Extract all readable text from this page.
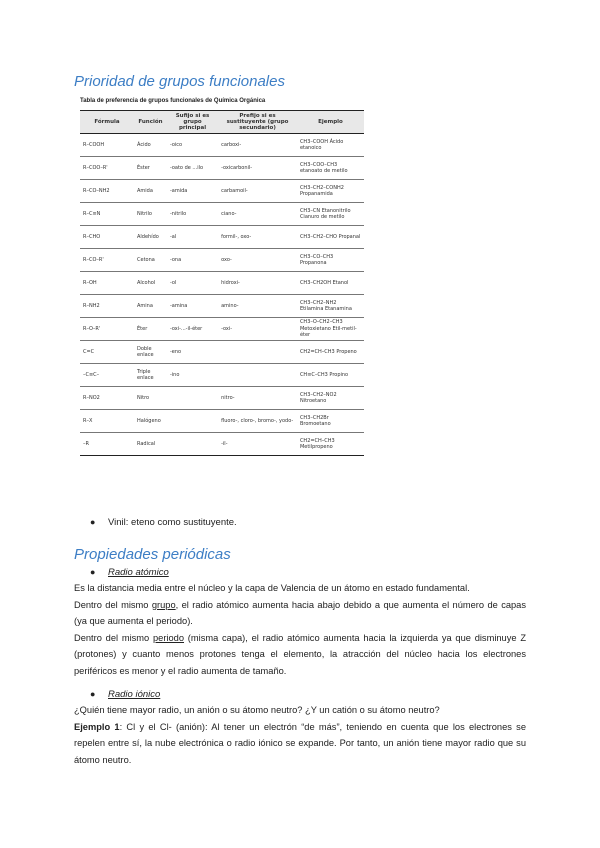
Prioridad de grupos funcionales
Tabla de preferencia de grupos funcionales de Química Orgánica
Fórmula	Función	Sufijo si es grupo principal	Prefijo si es sustituyente (grupo secundario)	Ejemplo
R–COOH	Ácido	-oico	carboxi-	CH3–COOH Ácido etanoico
R–COO–R'	Éster	-oato de ...ilo	-oxicarbonil-	CH3–COO–CH3 etanoato de metilo
R–CO–NH2	Amida	-amida	carbamoil-	CH3–CH2–CONH2 Propanamida
R–C≡N	Nitrilo	-nitrilo	ciano-	CH3–CN Etanonitrilo Cianuro de metilo
R–CHO	Aldehído	-al	formil-, oxo-	CH3–CH2–CHO Propanal
R–CO–R'	Cetona	-ona	oxo-	CH3–CO–CH3 Propanona
R–OH	Alcohol	-ol	hidroxi-	CH3–CH2OH Etanol
R–NH2	Amina	-amina	amino-	CH3–CH2–NH2 Etilamina Etanamina
R–O–R'	Éter	-oxi-...-il-éter	-oxi-	CH3–O–CH2–CH3 Metoxietano Etil-metil-éter
C=C	Doble enlace	-eno		CH2=CH–CH3 Propeno
–C≡C–	Triple enlace	-ino		CH≡C–CH3 Propino
R–NO2	Nitro		nitro-	CH3–CH2–NO2 Nitroetano
R–X	Halógeno		fluoro-, cloro-, bromo-, yodo-	CH3–CH2Br Bromoetano
–R	Radical		-il-	CH2=CH–CH3 Metilpropeno
● Vinil: eteno como sustituyente.
Propiedades periódicas
● Radio atómico

Es la distancia media entre el núcleo y la capa de Valencia de un átomo en estado fundamental.

Dentro del mismo grupo, el radio atómico aumenta hacia abajo debido a que aumenta el número de capas (ya que aumenta el periodo).

Dentro del mismo periodo (misma capa), el radio atómico aumenta hacia la izquierda ya que disminuye Z (protones) y cuanto menos protones tenga el elemento, la atracción del núcleo hacia los electrones periféricos es menor y el radio aumenta de tamaño.

● Radio iónico

¿Quién tiene mayor radio, un anión o su átomo neutro? ¿Y un catión o su átomo neutro?

Ejemplo 1: Cl y el Cl- (anión): Al tener un electrón “de más”, teniendo en cuenta que los electrones se repelen entre sí, la nube electrónica o radio iónico se expande. Por tanto, un anión tiene mayor radio que su átomo neutro.
